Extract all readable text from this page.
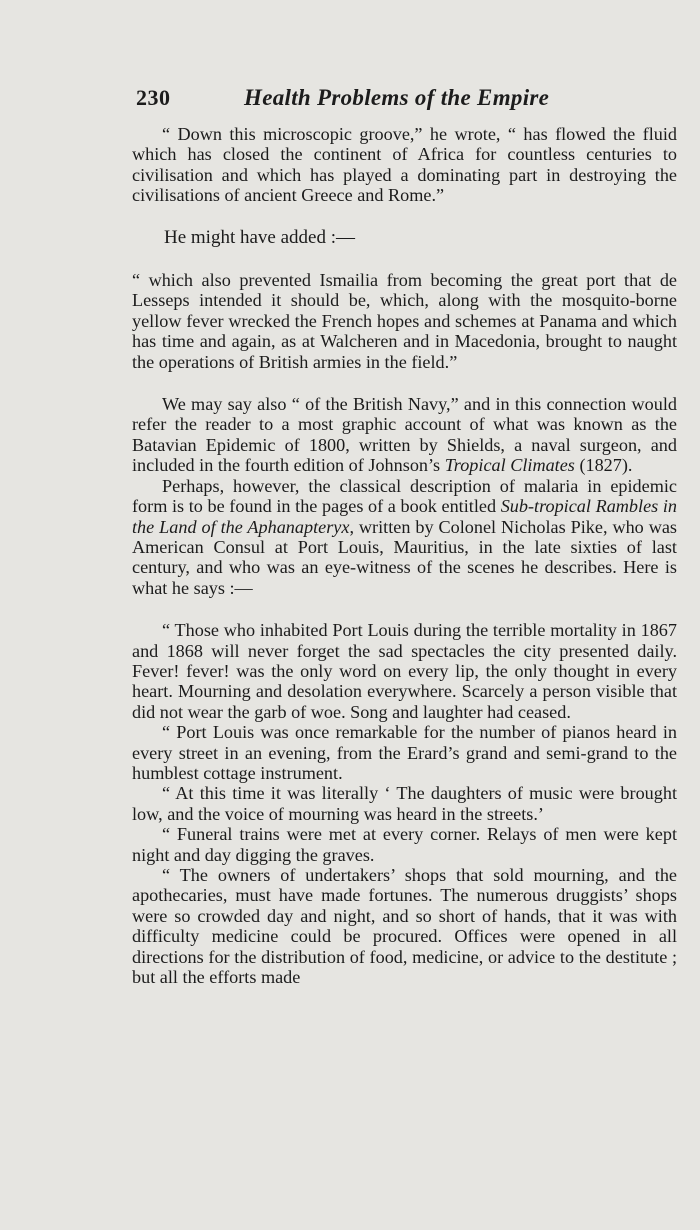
230	Health Problems of the Empire

“ Down this microscopic groove,” he wrote, “ has flowed the fluid which has closed the continent of Africa for countless centuries to civilisation and which has played a dominating part in destroying the civilisations of ancient Greece and Rome.”

He might have added :—

“ which also prevented Ismailia from becoming the great port that de Lesseps intended it should be, which, along with the mosquito-borne yellow fever wrecked the French hopes and schemes at Panama and which has time and again, as at Walcheren and in Macedonia, brought to naught the operations of British armies in the field.”

We may say also “ of the British Navy,” and in this connection would refer the reader to a most graphic account of what was known as the Batavian Epidemic of 1800, written by Shields, a naval surgeon, and included in the fourth edition of Johnson’s Tropical Climates (1827).

Perhaps, however, the classical description of malaria in epidemic form is to be found in the pages of a book entitled Sub-tropical Rambles in the Land of the Aphanapteryx, written by Colonel Nicholas Pike, who was American Consul at Port Louis, Mauritius, in the late sixties of last century, and who was an eye-witness of the scenes he describes. Here is what he says :—

“ Those who inhabited Port Louis during the terrible mortality in 1867 and 1868 will never forget the sad spectacles the city presented daily. Fever! fever! was the only word on every lip, the only thought in every heart. Mourning and desolation everywhere. Scarcely a person visible that did not wear the garb of woe. Song and laughter had ceased.

“ Port Louis was once remarkable for the number of pianos heard in every street in an evening, from the Erard’s grand and semi-grand to the humblest cottage instrument.

“ At this time it was literally ‘ The daughters of music were brought low, and the voice of mourning was heard in the streets.’

“ Funeral trains were met at every corner. Relays of men were kept night and day digging the graves.

“ The owners of undertakers’ shops that sold mourning, and the apothecaries, must have made fortunes. The numerous druggists’ shops were so crowded day and night, and so short of hands, that it was with difficulty medicine could be procured. Offices were opened in all directions for the distribution of food, medicine, or advice to the destitute ; but all the efforts made
